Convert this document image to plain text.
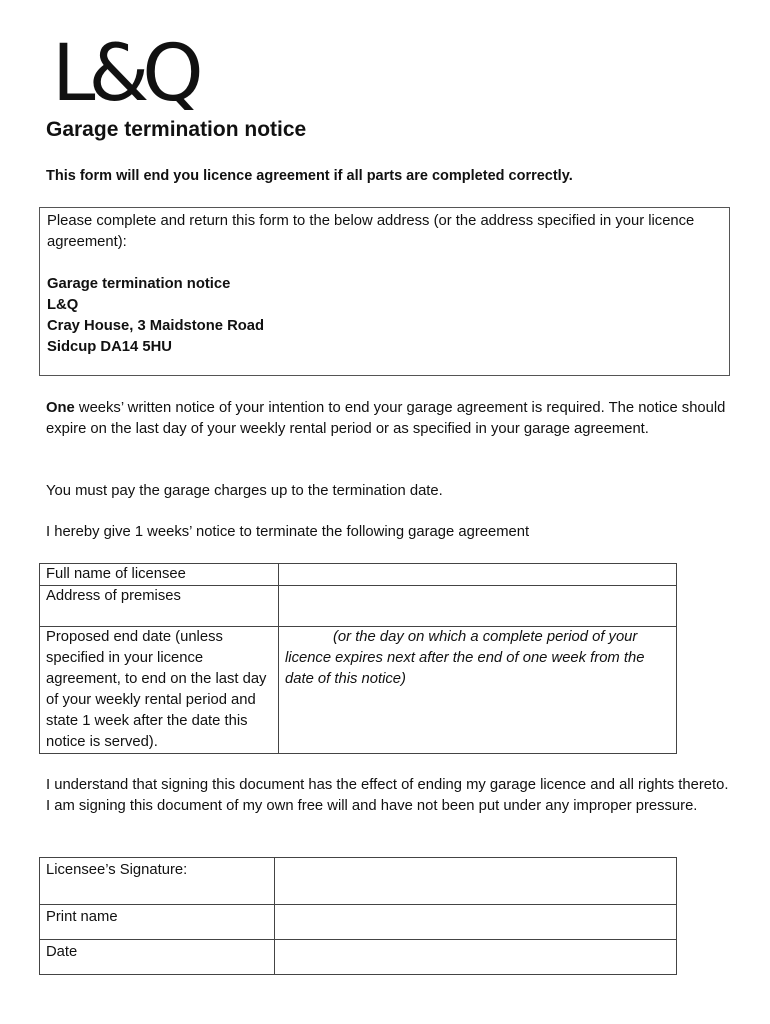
L&Q
Garage termination notice
This form will end you licence agreement if all parts are completed correctly.
Please complete and return this form to the below address (or the address specified in your licence agreement):
Garage termination notice
L&Q
Cray House, 3 Maidstone Road
Sidcup DA14 5HU
One weeks’ written notice of your intention to end your garage agreement is required. The notice should expire on the last day of your weekly rental period or as specified in your garage agreement.
You must pay the garage charges up to the termination date.
I hereby give 1 weeks’ notice to terminate the following garage agreement
Full name of licensee	
Address of premises	
Proposed end date (unless specified in your licence agreement, to end on the last day of your weekly rental period and state 1 week after the date this notice is served).	(or the day on which a complete period of your licence expires next after the end of one week from the date of this notice)
I understand that signing this document has the effect of ending my garage licence and all rights thereto. I am signing this document of my own free will and have not been put under any improper pressure.
Licensee’s Signature:	
Print name	
Date	
